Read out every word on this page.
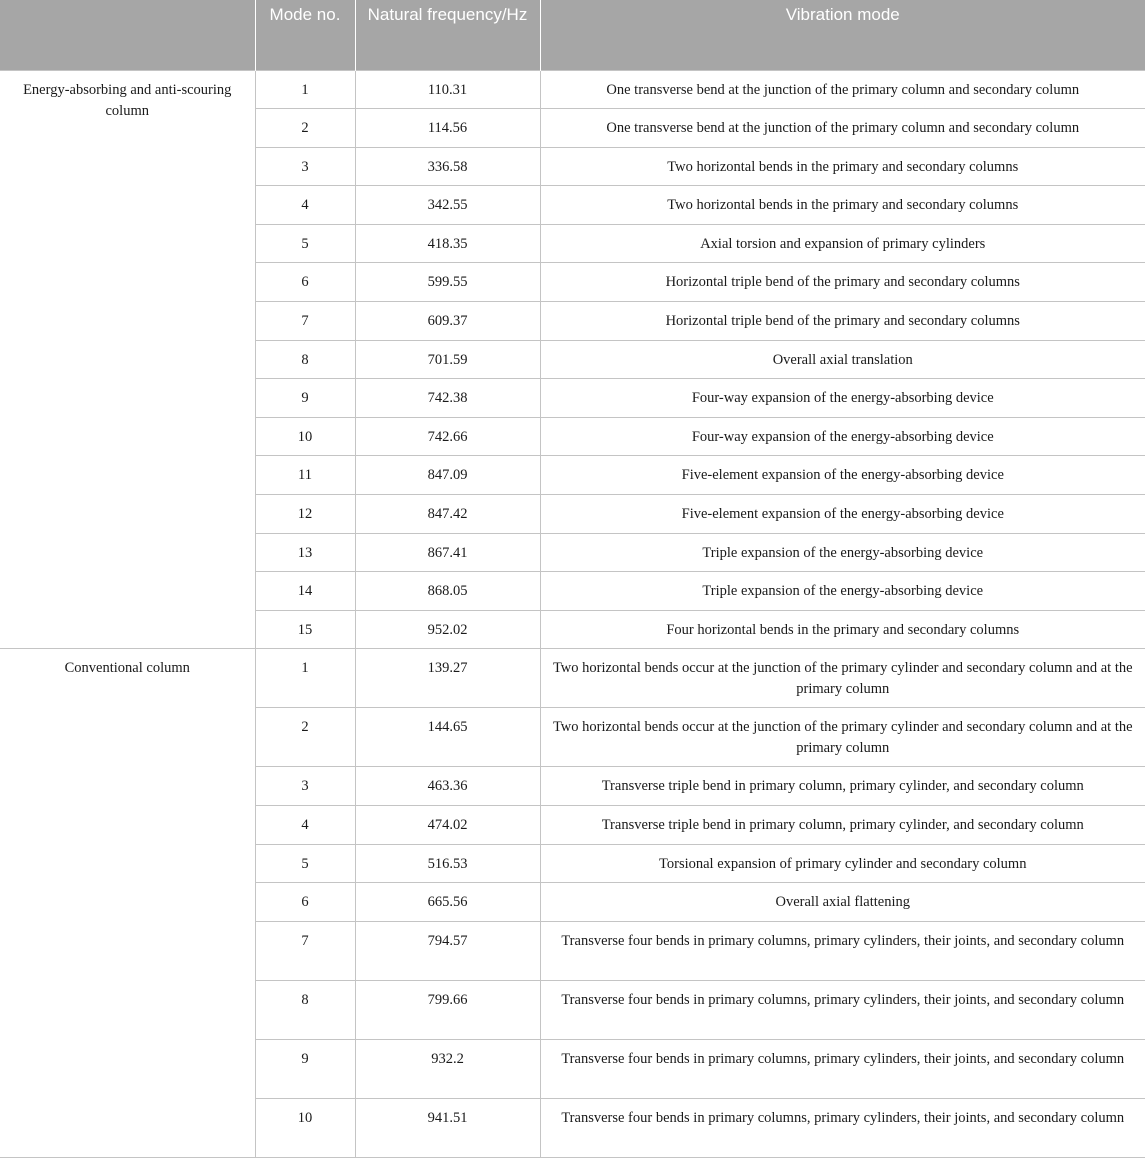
	Mode no.	Natural frequency/Hz	Vibration mode
Energy-absorbing and anti-scouring column	1	110.31	One transverse bend at the junction of the primary column and secondary column
	2	114.56	One transverse bend at the junction of the primary column and secondary column
	3	336.58	Two horizontal bends in the primary and secondary columns
	4	342.55	Two horizontal bends in the primary and secondary columns
	5	418.35	Axial torsion and expansion of primary cylinders
	6	599.55	Horizontal triple bend of the primary and secondary columns
	7	609.37	Horizontal triple bend of the primary and secondary columns
	8	701.59	Overall axial translation
	9	742.38	Four-way expansion of the energy-absorbing device
	10	742.66	Four-way expansion of the energy-absorbing device
	11	847.09	Five-element expansion of the energy-absorbing device
	12	847.42	Five-element expansion of the energy-absorbing device
	13	867.41	Triple expansion of the energy-absorbing device
	14	868.05	Triple expansion of the energy-absorbing device
	15	952.02	Four horizontal bends in the primary and secondary columns
Conventional column	1	139.27	Two horizontal bends occur at the junction of the primary cylinder and secondary column and at the primary column
	2	144.65	Two horizontal bends occur at the junction of the primary cylinder and secondary column and at the primary column
	3	463.36	Transverse triple bend in primary column, primary cylinder, and secondary column
	4	474.02	Transverse triple bend in primary column, primary cylinder, and secondary column
	5	516.53	Torsional expansion of primary cylinder and secondary column
	6	665.56	Overall axial flattening
	7	794.57	Transverse four bends in primary columns, primary cylinders, their joints, and secondary column
	8	799.66	Transverse four bends in primary columns, primary cylinders, their joints, and secondary column
	9	932.2	Transverse four bends in primary columns, primary cylinders, their joints, and secondary column
	10	941.51	Transverse four bends in primary columns, primary cylinders, their joints, and secondary column
